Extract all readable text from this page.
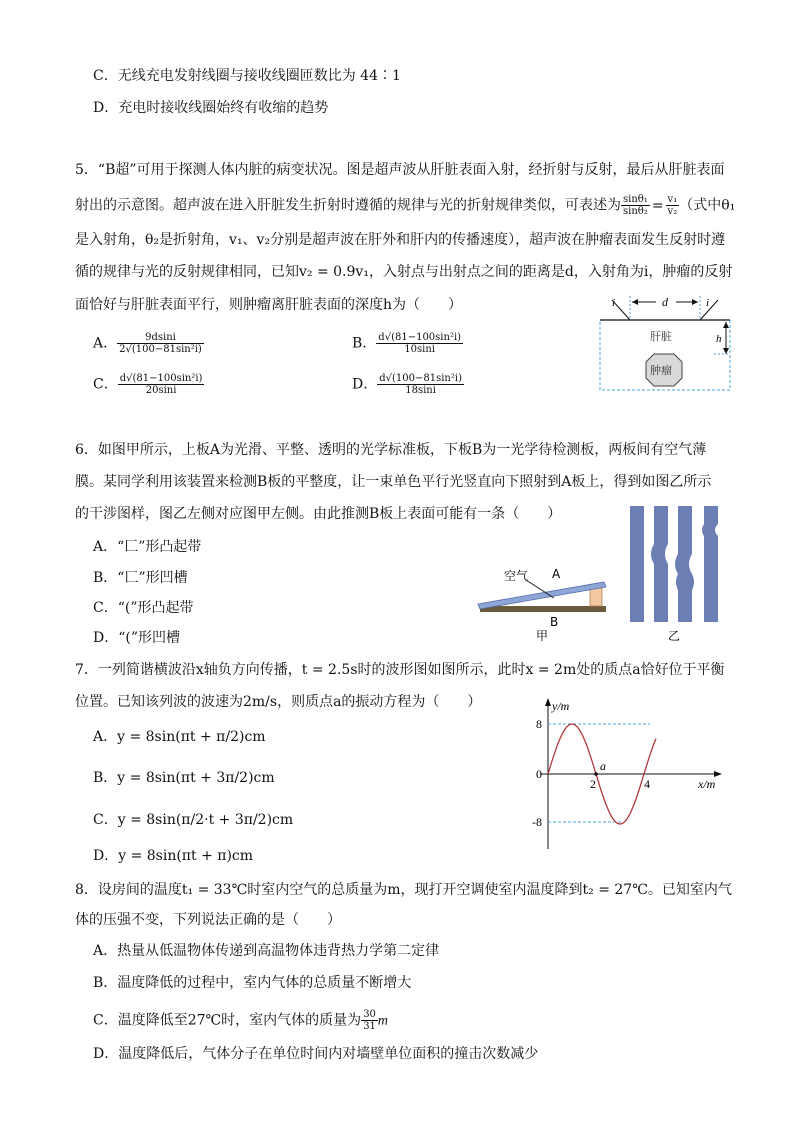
C．无线充电发射线圈与接收线圈匝数比为 44∶1
D．充电时接收线圈始终有收缩的趋势
5．“B超”可用于探测人体内脏的病变状况。图是超声波从肝脏表面入射，经折射与反射，最后从肝脏表面
射出的示意图。超声波在进入肝脏发生折射时遵循的规律与光的折射规律类似，可表述为 $\frac{\text{sinθ₁}}{\text{sinθ₂}} = \frac{\text{v₁}}{\text{v₂}}$ （式中θ₁
是入射角，θ₂是折射角，v₁、v₂分别是超声波在肝外和肝内的传播速度），超声波在肿瘤表面发生反射时遵
循的规律与光的反射规律相同，已知v₂ = 0.9v₁，入射点与出射点之间的距离是d，入射角为i，肿瘤的反射
面恰好与肝脏表面平行，则肿瘤离肝脏表面的深度h为（　　）
A． $\frac{9dsini}{\text{2√(100−81sin²i)}}$	B． $\frac{\text{d√(81−100sin²i)}}{10\sin i}$
C． $\frac{\text{d√(81−100sin²i)}}{20\sin i}$	D． $\frac{\text{d√(100−81sin²i)}}{18\sin i}$
i	d	i
h
肝脏
肿瘤
6．如图甲所示，上板A为光滑、平整、透明的光学标准板，下板B为一光学待检测板，两板间有空气薄
膜。某同学利用该装置来检测B板的平整度，让一束单色平行光竖直向下照射到A板上，得到如图乙所示
的干涉图样，图乙左侧对应图甲左侧。由此推测B板上表面可能有一条（　　）
A．“匚”形凸起带
B．“匚”形凹槽
C．“(”形凸起带
D．“(”形凹槽
空气 A
B
甲	乙
7．一列简谐横波沿x轴负方向传播，t = 2.5s时的波形图如图所示，此时x = 2m处的质点a恰好位于平衡
位置。已知该列波的波速为2m/s，则质点a的振动方程为（　　）
A．y = 8sin(πt + π/2)cm
B．y = 8sin(πt + 3π/2)cm
C．y = 8sin(π/2·t + 3π/2)cm
D．y = 8sin(πt + π)cm
y/m
x/m
8
0
-8
2	4
a
8．设房间的温度t₁ = 33℃时室内空气的总质量为m，现打开空调使室内温度降到t₂ = 27℃。已知室内气
体的压强不变，下列说法正确的是（　　）
A．热量从低温物体传递到高温物体违背热力学第二定律
B．温度降低的过程中，室内气体的总质量不断增大
C．温度降低至27℃时，室内气体的质量为 $\frac{30}{31}$ m
D．温度降低后，气体分子在单位时间内对墙壁单位面积的撞击次数减少
